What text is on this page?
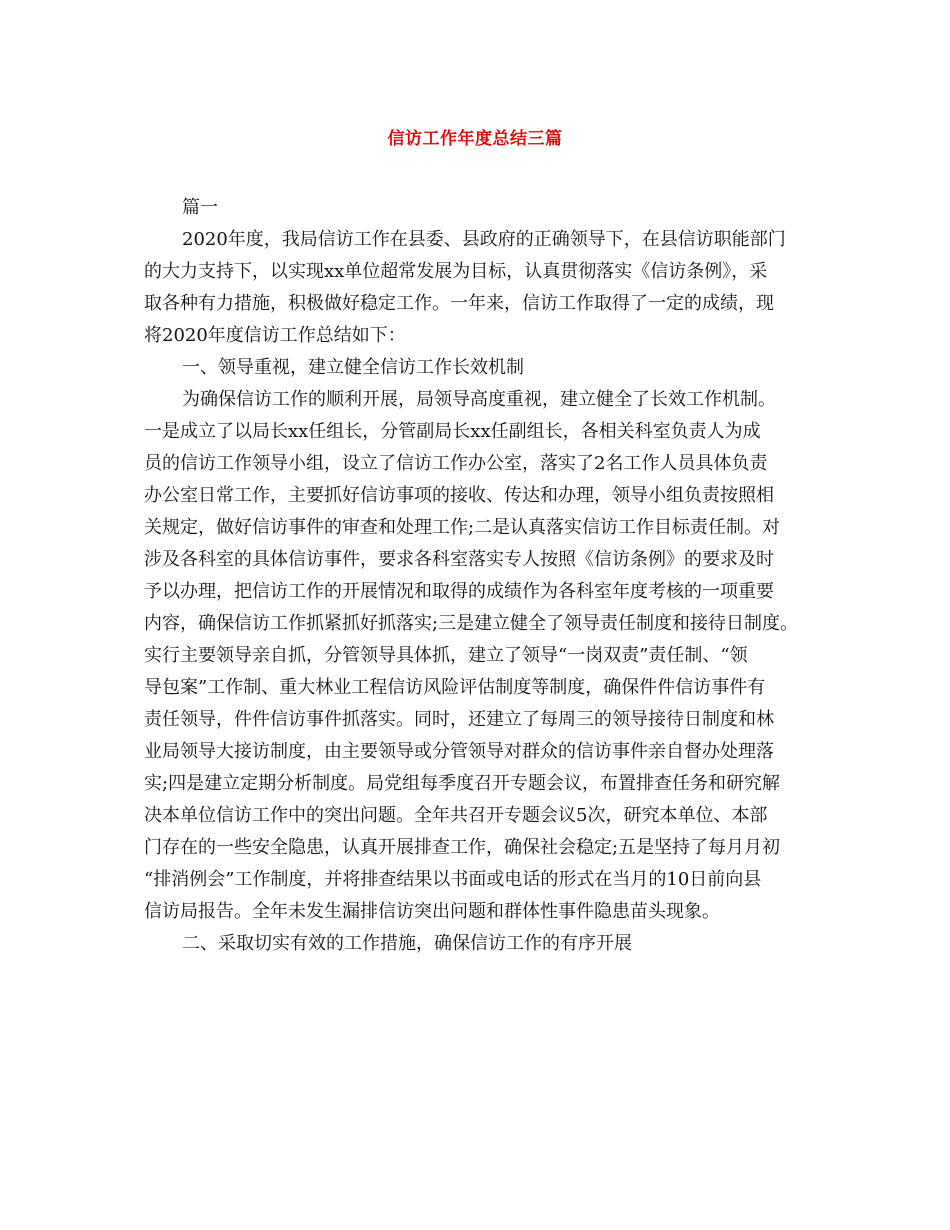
信访工作年度总结三篇
篇一
2020年度，我局信访工作在县委、县政府的正确领导下，在县信访职能部门
的大力支持下，以实现xx单位超常发展为目标，认真贯彻落实《信访条例》，采
取各种有力措施，积极做好稳定工作。一年来，信访工作取得了一定的成绩，现
将2020年度信访工作总结如下：
一、领导重视，建立健全信访工作长效机制
为确保信访工作的顺利开展，局领导高度重视，建立健全了长效工作机制。
一是成立了以局长xx任组长，分管副局长xx任副组长，各相关科室负责人为成
员的信访工作领导小组，设立了信访工作办公室，落实了2名工作人员具体负责
办公室日常工作，主要抓好信访事项的接收、传达和办理，领导小组负责按照相
关规定，做好信访事件的审查和处理工作;二是认真落实信访工作目标责任制。对
涉及各科室的具体信访事件，要求各科室落实专人按照《信访条例》的要求及时
予以办理，把信访工作的开展情况和取得的成绩作为各科室年度考核的一项重要
内容，确保信访工作抓紧抓好抓落实;三是建立健全了领导责任制度和接待日制度。
实行主要领导亲自抓，分管领导具体抓，建立了领导“一岗双责”责任制、“领
导包案”工作制、重大林业工程信访风险评估制度等制度，确保件件信访事件有
责任领导，件件信访事件抓落实。同时，还建立了每周三的领导接待日制度和林
业局领导大接访制度，由主要领导或分管领导对群众的信访事件亲自督办处理落
实;四是建立定期分析制度。局党组每季度召开专题会议，布置排查任务和研究解
决本单位信访工作中的突出问题。全年共召开专题会议5次，研究本单位、本部
门存在的一些安全隐患，认真开展排查工作，确保社会稳定;五是坚持了每月月初
“排消例会”工作制度，并将排查结果以书面或电话的形式在当月的10日前向县
信访局报告。全年未发生漏排信访突出问题和群体性事件隐患苗头现象。
二、采取切实有效的工作措施，确保信访工作的有序开展
